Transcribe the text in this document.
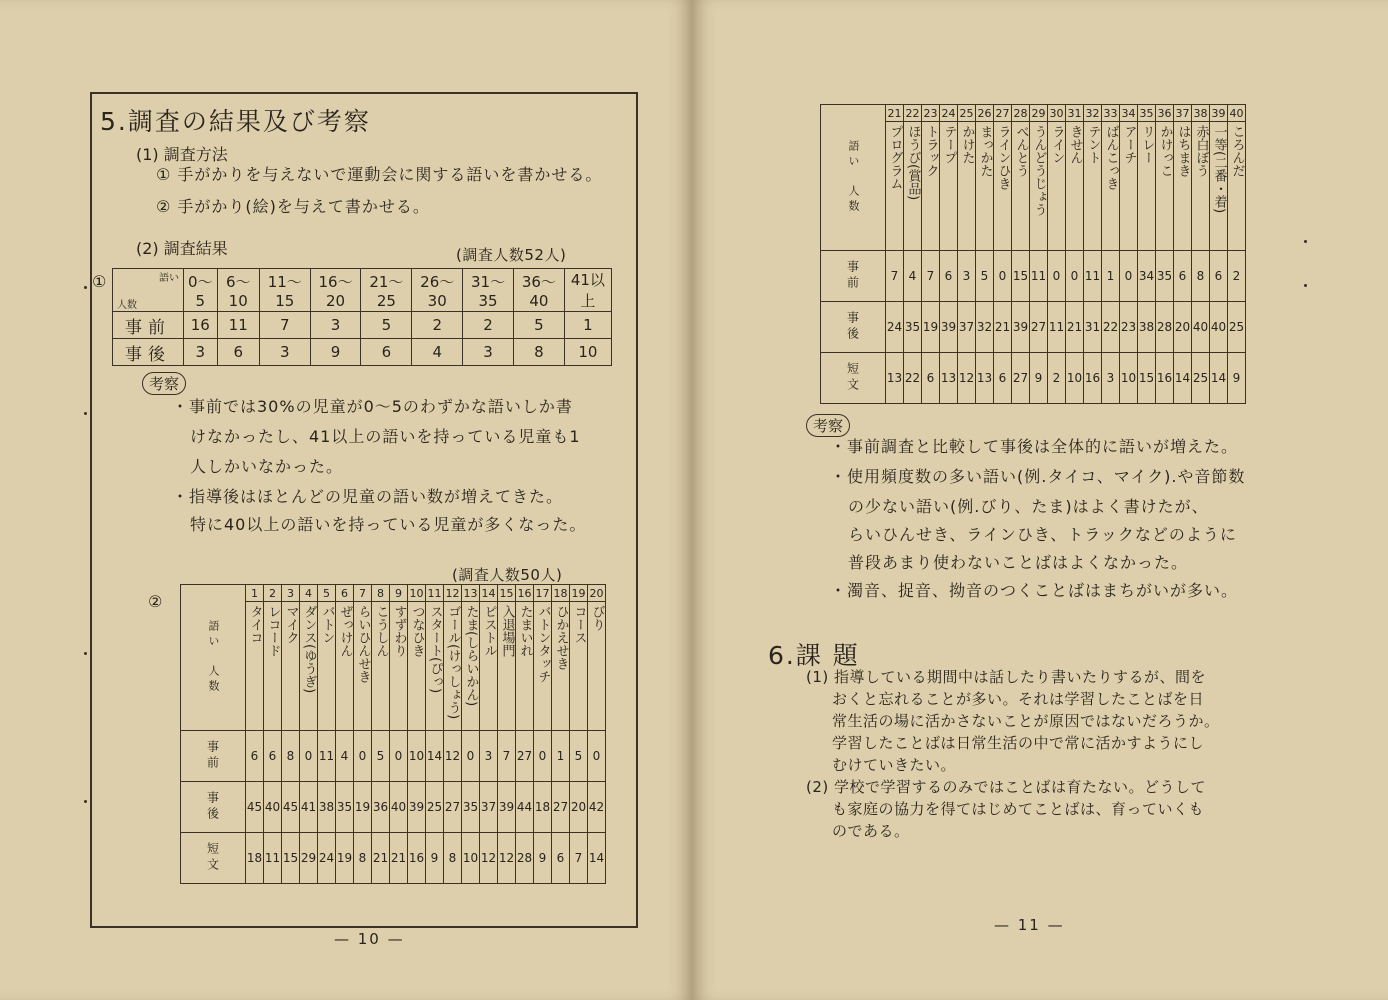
5.調査の結果及び考察
(1) 調査方法
① 手がかりを与えないで運動会に関する語いを書かせる。
② 手がかり(絵)を与えて書かせる。
(2) 調査結果	(調査人数52人)
①	語い
人数	0～5	6～10	11～15	16～20	21～25	26～30	31～35	36～40	41以上
事前	16	11	7	3	5	2	2	5	1
事後	3	6	3	9	6	4	3	8	10
考察
・事前では30%の児童が0～5のわずかな語いしか書
けなかったし、41以上の語いを持っている児童も1
人しかいなかった。
・指導後はほとんどの児童の語い数が増えてきた。
特に40以上の語いを持っている児童が多くなった。
(調査人数50人)
②
語い　人数	1	2	3	4	5	6	7	8	9	10	11	12	13	14	15	16	17	18	19	20
	タイコ	レコード	マイク	ダンス(ゆうぎ)	バトン	ぜっけん	らいひんせき	こうしん	すずわり	つなひき	スタート(ぴっ)	ゴール(けっしょう)	たま(しらいかん)	ピストル	入退場門	たまいれ	バトンタッチ	ひかえせき	コース	びり
事前	6	6	8	0	11	4	0	5	0	10	14	12	0	3	7	27	0	1	5	0
事後	45	40	45	41	38	35	19	36	40	39	25	27	35	37	39	44	18	27	20	42
短文	18	11	15	29	24	19	8	21	21	16	9	8	10	12	12	28	9	6	7	14
— 10 —
語い　人数	21	22	23	24	25	26	27	28	29	30	31	32	33	34	35	36	37	38	39	40
	プログラム	ほうび(賞品)	トラック	テープ	かけた	まっかた	ラインひき	べんとう	うんどうじょう	ライン	きせん	テント	ばんこっき	アーチ	リレー	かけっこ	はちまき	赤白ぼう	一等(二番・着)	ころんだ
事前	7	4	7	6	3	5	0	15	11	0	0	11	1	0	34	35	6	8	6	2
事後	24	35	19	39	37	32	21	39	27	11	21	31	22	23	38	28	20	40	40	25
短文	13	22	6	13	12	13	6	27	9	2	10	16	3	10	15	16	14	25	14	9
考察
・事前調査と比較して事後は全体的に語いが増えた。
・使用頻度数の多い語い(例.タイコ、マイク).や音節数
の少ない語い(例.びり、たま)はよく書けたが、
らいひんせき、ラインひき、トラックなどのように
普段あまり使わないことばはよくなかった。
・濁音、捉音、拗音のつくことばはまちがいが多い。
6.課 題
(1) 指導している期間中は話したり書いたりするが、間を
おくと忘れることが多い。それは学習したことばを日
常生活の場に活かさないことが原因ではないだろうか。
学習したことばは日常生活の中で常に活かすようにし
むけていきたい。
(2) 学校で学習するのみではことばは育たない。どうして
も家庭の協力を得てはじめてことばは、育っていくも
のである。
— 11 —
